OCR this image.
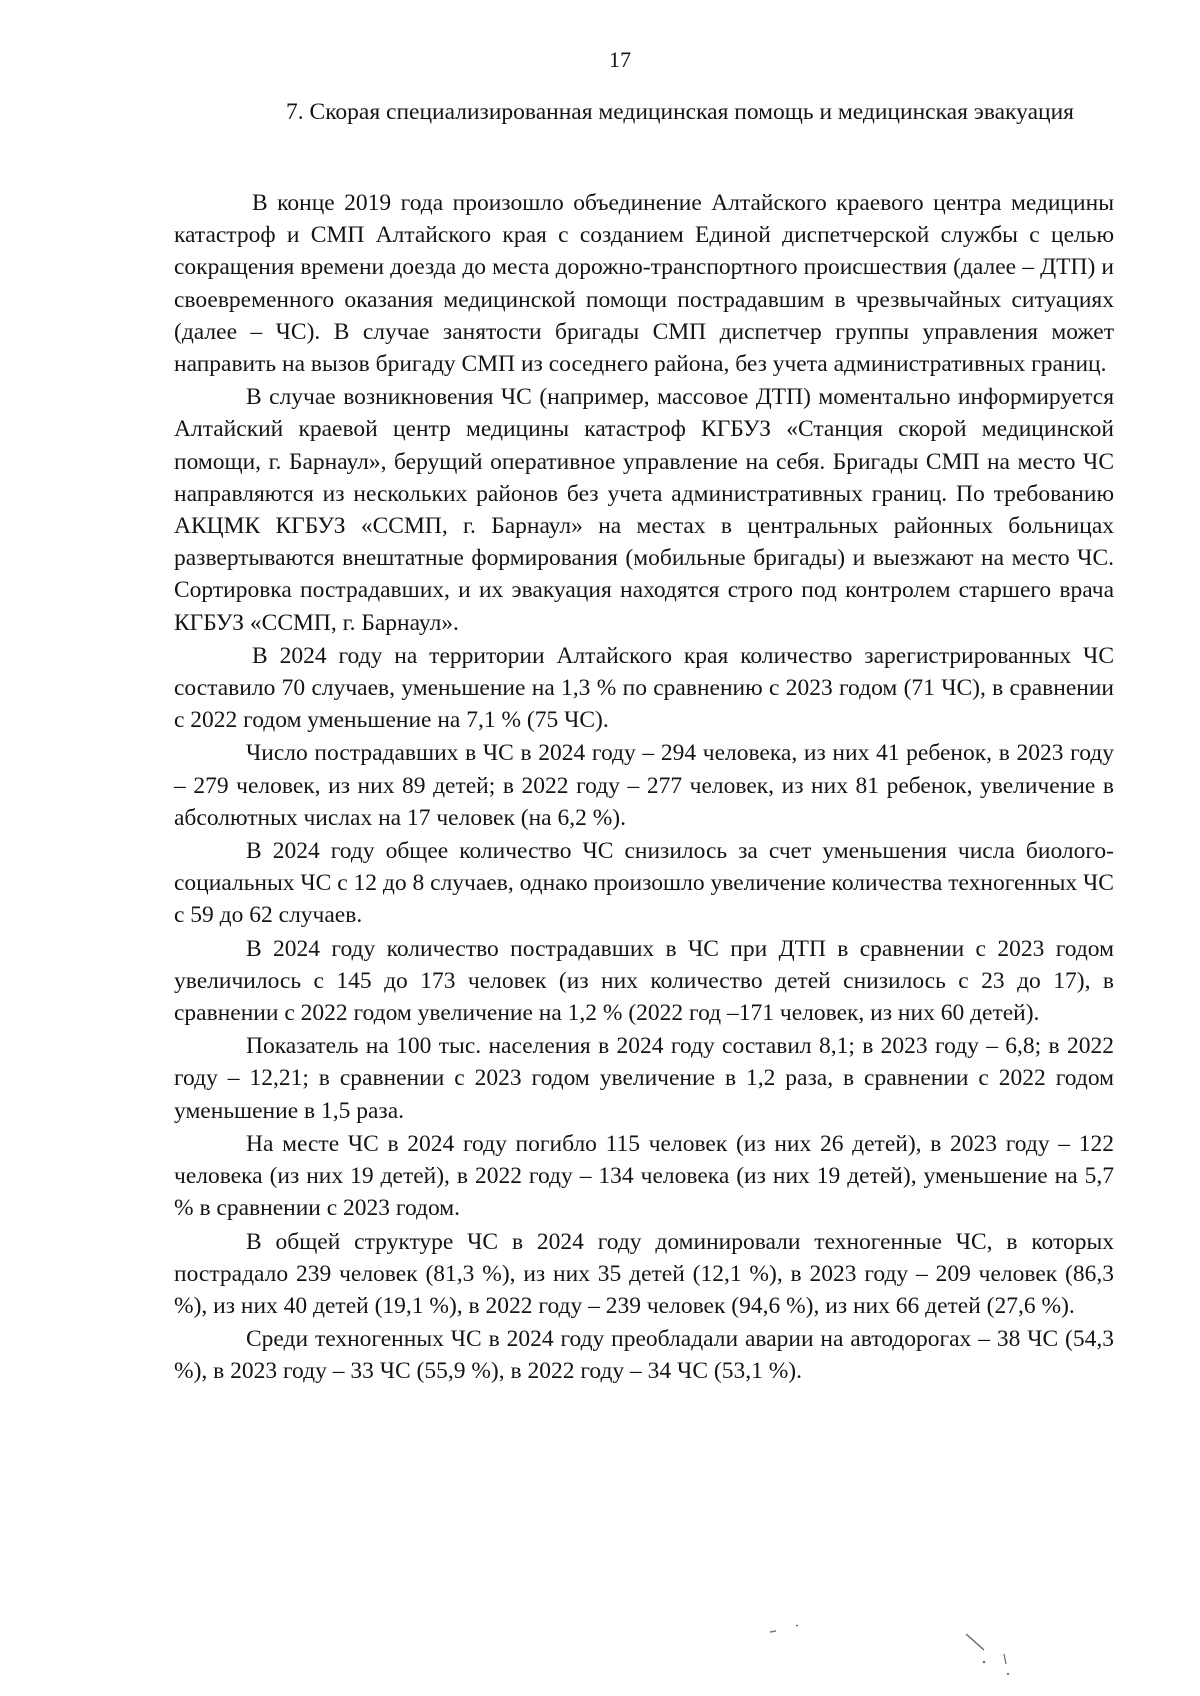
17
7. Скорая специализированная медицинская помощь и медицинская эвакуация

В конце 2019 года произошло объединение Алтайского краевого центра медицины катастроф и СМП Алтайского края с созданием Единой диспетчерской службы с целью сокращения времени доезда до места дорожно-транспортного происшествия (далее – ДТП) и своевременного оказания медицинской помощи пострадавшим в чрезвычайных ситуациях (далее – ЧС). В случае занятости бригады СМП диспетчер группы управления может направить на вызов бригаду СМП из соседнего района, без учета административных границ.

В случае возникновения ЧС (например, массовое ДТП) моментально информируется Алтайский краевой центр медицины катастроф КГБУЗ «Станция скорой медицинской помощи, г. Барнаул», берущий оперативное управление на себя. Бригады СМП на место ЧС направляются из нескольких районов без учета административных границ. По требованию АКЦМК КГБУЗ «ССМП, г. Барнаул» на местах в центральных районных больницах развертываются внештатные формирования (мобильные бригады) и выезжают на место ЧС. Сортировка пострадавших, и их эвакуация находятся строго под контролем старшего врача КГБУЗ «ССМП, г. Барнаул».

В 2024 году на территории Алтайского края количество зарегистрированных ЧС составило 70 случаев, уменьшение на 1,3 % по сравнению с 2023 годом (71 ЧС), в сравнении с 2022 годом уменьшение на 7,1 % (75 ЧС).

Число пострадавших в ЧС в 2024 году – 294 человека, из них 41 ребенок, в 2023 году – 279 человек, из них 89 детей; в 2022 году – 277 человек, из них 81 ребенок, увеличение в абсолютных числах на 17 человек (на 6,2 %).

В 2024 году общее количество ЧС снизилось за счет уменьшения числа биолого-социальных ЧС с 12 до 8 случаев, однако произошло увеличение количества техногенных ЧС с 59 до 62 случаев.

В 2024 году количество пострадавших в ЧС при ДТП в сравнении с 2023 годом увеличилось с 145 до 173 человек (из них количество детей снизилось с 23 до 17), в сравнении с 2022 годом увеличение на 1,2 % (2022 год –171 человек, из них 60 детей).

Показатель на 100 тыс. населения в 2024 году составил 8,1; в 2023 году – 6,8; в 2022 году – 12,21; в сравнении с 2023 годом увеличение в 1,2 раза, в сравнении с 2022 годом уменьшение в 1,5 раза.

На месте ЧС в 2024 году погибло 115 человек (из них 26 детей), в 2023 году – 122 человека (из них 19 детей), в 2022 году – 134 человека (из них 19 детей), уменьшение на 5,7 % в сравнении с 2023 годом.

В общей структуре ЧС в 2024 году доминировали техногенные ЧС, в которых пострадало 239 человек (81,3 %), из них 35 детей (12,1 %), в 2023 году – 209 человек (86,3 %), из них 40 детей (19,1 %), в 2022 году – 239 человек (94,6 %), из них 66 детей (27,6 %).

Среди техногенных ЧС в 2024 году преобладали аварии на автодорогах – 38 ЧС (54,3 %), в 2023 году – 33 ЧС (55,9 %), в 2022 году – 34 ЧС (53,1 %).
